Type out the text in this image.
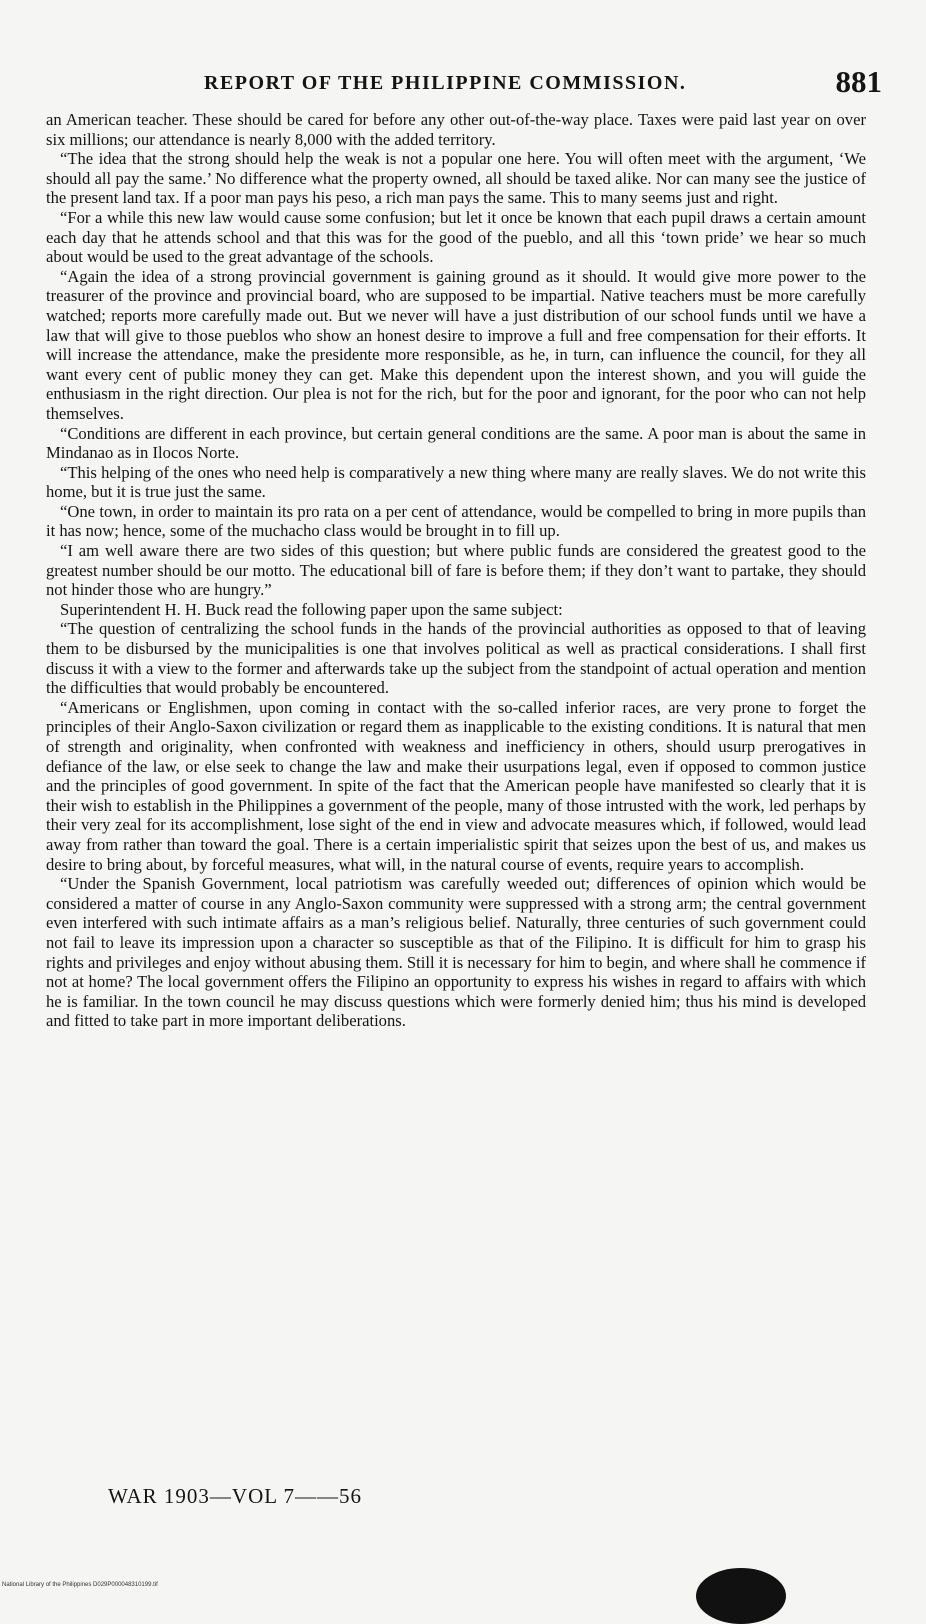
REPORT OF THE PHILIPPINE COMMISSION.	881

an American teacher. These should be cared for before any other out-of-the-way place. Taxes were paid last year on over six millions; our attendance is nearly 8,000 with the added territory.

“The idea that the strong should help the weak is not a popular one here. You will often meet with the argument, ‘We should all pay the same.’ No difference what the property owned, all should be taxed alike. Nor can many see the justice of the present land tax. If a poor man pays his peso, a rich man pays the same. This to many seems just and right.

“For a while this new law would cause some confusion; but let it once be known that each pupil draws a certain amount each day that he attends school and that this was for the good of the pueblo, and all this ‘town pride’ we hear so much about would be used to the great advantage of the schools.

“Again the idea of a strong provincial government is gaining ground as it should. It would give more power to the treasurer of the province and provincial board, who are supposed to be impartial. Native teachers must be more carefully watched; reports more carefully made out. But we never will have a just distribution of our school funds until we have a law that will give to those pueblos who show an honest desire to improve a full and free compensation for their efforts. It will increase the attendance, make the presidente more responsible, as he, in turn, can influence the council, for they all want every cent of public money they can get. Make this dependent upon the interest shown, and you will guide the enthusiasm in the right direction. Our plea is not for the rich, but for the poor and ignorant, for the poor who can not help themselves.

“Conditions are different in each province, but certain general conditions are the same. A poor man is about the same in Mindanao as in Ilocos Norte.

“This helping of the ones who need help is comparatively a new thing where many are really slaves. We do not write this home, but it is true just the same.

“One town, in order to maintain its pro rata on a per cent of attendance, would be compelled to bring in more pupils than it has now; hence, some of the muchacho class would be brought in to fill up.

“I am well aware there are two sides of this question; but where public funds are considered the greatest good to the greatest number should be our motto. The educational bill of fare is before them; if they don’t want to partake, they should not hinder those who are hungry.”

Superintendent H. H. Buck read the following paper upon the same subject:

“The question of centralizing the school funds in the hands of the provincial authorities as opposed to that of leaving them to be disbursed by the municipalities is one that involves political as well as practical considerations. I shall first discuss it with a view to the former and afterwards take up the subject from the standpoint of actual operation and mention the difficulties that would probably be encountered.

“Americans or Englishmen, upon coming in contact with the so-called inferior races, are very prone to forget the principles of their Anglo-Saxon civilization or regard them as inapplicable to the existing conditions. It is natural that men of strength and originality, when confronted with weakness and inefficiency in others, should usurp prerogatives in defiance of the law, or else seek to change the law and make their usurpations legal, even if opposed to common justice and the principles of good government. In spite of the fact that the American people have manifested so clearly that it is their wish to establish in the Philippines a government of the people, many of those intrusted with the work, led perhaps by their very zeal for its accomplishment, lose sight of the end in view and advocate measures which, if followed, would lead away from rather than toward the goal. There is a certain imperialistic spirit that seizes upon the best of us, and makes us desire to bring about, by forceful measures, what will, in the natural course of events, require years to accomplish.

“Under the Spanish Government, local patriotism was carefully weeded out; differences of opinion which would be considered a matter of course in any Anglo-Saxon community were suppressed with a strong arm; the central government even interfered with such intimate affairs as a man’s religious belief. Naturally, three centuries of such government could not fail to leave its impression upon a character so susceptible as that of the Filipino. It is difficult for him to grasp his rights and privileges and enjoy without abusing them. Still it is necessary for him to begin, and where shall he commence if not at home? The local government offers the Filipino an opportunity to express his wishes in regard to affairs with which he is familiar. In the town council he may discuss questions which were formerly denied him; thus his mind is developed and fitted to take part in more important deliberations.

WAR 1903—VOL 7——56
National Library of the Philippines D029P000048310199.tif
